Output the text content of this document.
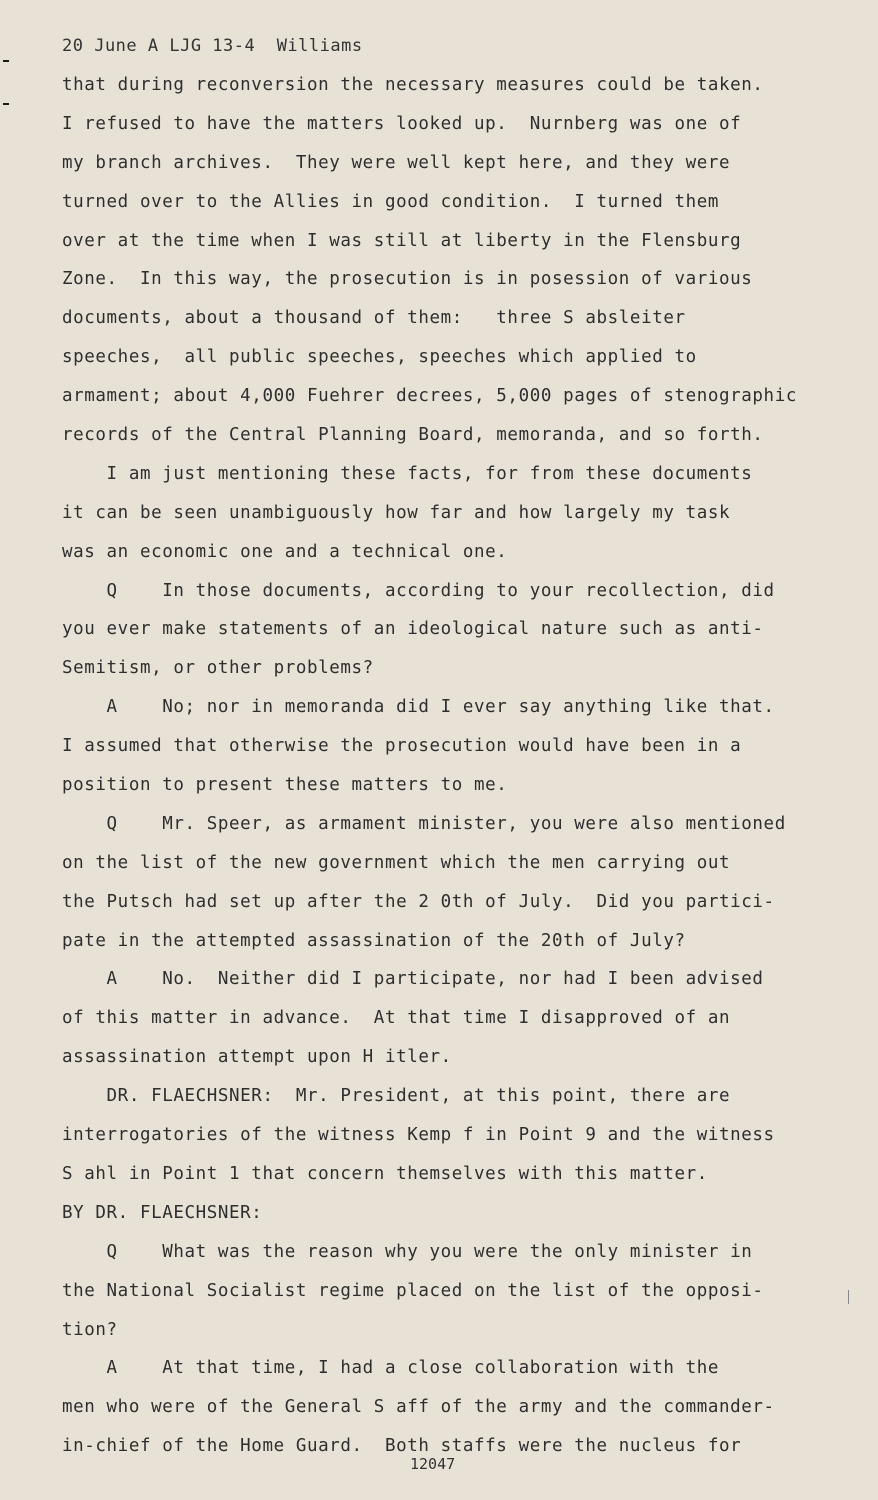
20 June A LJG 13-4  Williams
that during reconversion the necessary measures could be taken.
I refused to have the matters looked up.  Nurnberg was one of
my branch archives.  They were well kept here, and they were
turned over to the Allies in good condition.  I turned them
over at the time when I was still at liberty in the Flensburg
Zone.  In this way, the prosecution is in posession of various
documents, about a thousand of them:   three S absleiter
speeches,  all public speeches, speeches which applied to
armament; about 4,000 Fuehrer decrees, 5,000 pages of stenographic
records of the Central Planning Board, memoranda, and so forth.
I am just mentioning these facts, for from these documents
it can be seen unambiguously how far and how largely my task
was an economic one and a technical one.
Q    In those documents, according to your recollection, did
you ever make statements of an ideological nature such as anti-
Semitism, or other problems?
A    No; nor in memoranda did I ever say anything like that.
I assumed that otherwise the prosecution would have been in a
position to present these matters to me.
Q    Mr. Speer, as armament minister, you were also mentioned
on the list of the new government which the men carrying out
the Putsch had set up after the 2 0th of July.  Did you partici-
pate in the attempted assassination of the 20th of July?
A    No.  Neither did I participate, nor had I been advised
of this matter in advance.  At that time I disapproved of an
assassination attempt upon H itler.
DR. FLAECHSNER:  Mr. President, at this point, there are
interrogatories of the witness Kemp f in Point 9 and the witness
S ahl in Point 1 that concern themselves with this matter.
BY DR. FLAECHSNER:
Q    What was the reason why you were the only minister in
the National Socialist regime placed on the list of the opposi-
tion?
A    At that time, I had a close collaboration with the
men who were of the General S aff of the army and the commander-
in-chief of the Home Guard.  Both staffs were the nucleus for
12047
